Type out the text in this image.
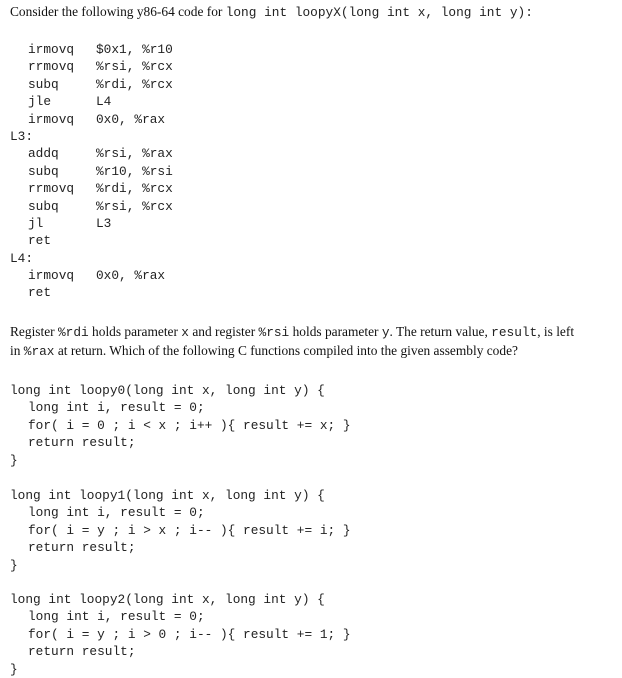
Consider the following y86-64 code for long int loopyX(long int x, long int y):
irmovq $0x1, %r10
rrmovq %rsi, %rcx
subq	%rdi, %rcx
jle	L4
irmovq 0x0, %rax
L3:
addq	%rsi, %rax
subq	%r10, %rsi
rrmovq %rdi, %rcx
subq	%rsi, %rcx
jl	L3
ret
L4:
irmovq 0x0, %rax
ret

Register %rdi holds parameter x and register %rsi holds parameter y. The return value, result, is left

in %rax at return. Which of the following C functions compiled into the given assembly code?

long int loopy0(long int x, long int y) {
long int i, result = 0;
for( i = 0 ; i < x ; i++ ){ result += x; }
return result;
}
long int loopy1(long int x, long int y) {
long int i, result = 0;
for( i = y ; i > x ; i-- ){ result += i; }
return result;
}
long int loopy2(long int x, long int y) {
long int i, result = 0;
for( i = y ; i > 0 ; i-- ){ result += 1; }
return result;
}
